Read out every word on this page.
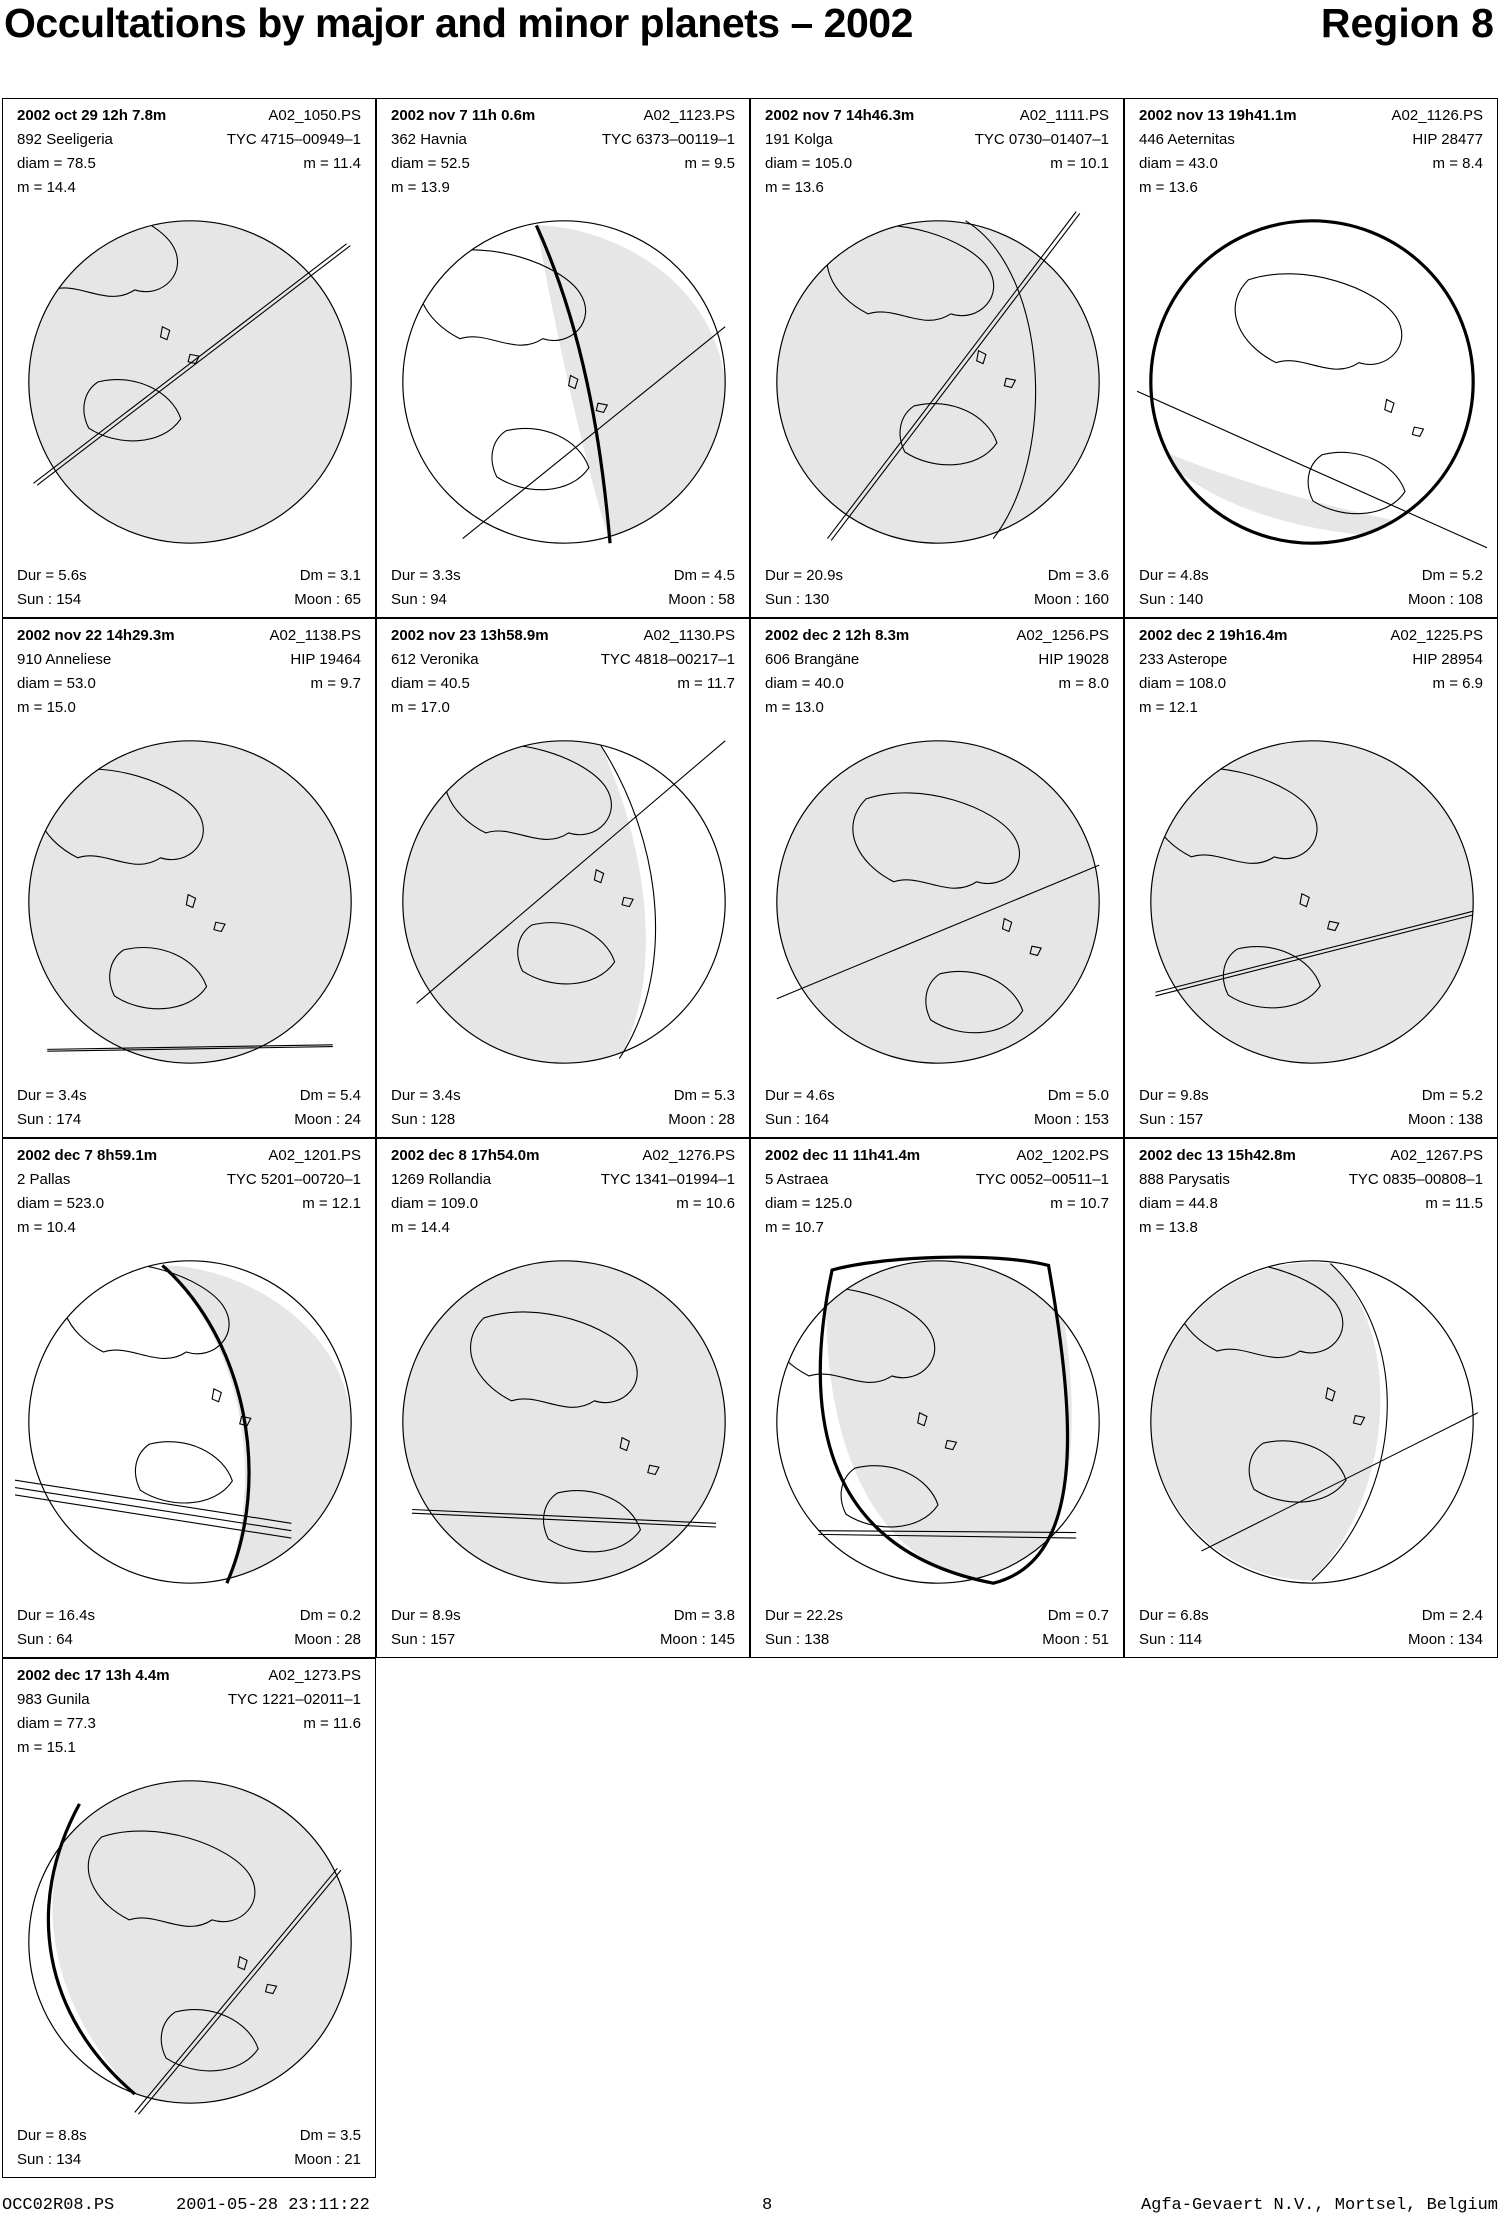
Occultations by major and minor planets – 2002	Region 8
2002 oct 29 12h 7.8m	A02_1050.PS
892 Seeligeria	TYC 4715–00949–1
diam = 78.5	m = 11.4
m = 14.4
Dur = 5.6s	Dm = 3.1
Sun : 154	Moon : 65
2002 nov 7 11h 0.6m	A02_1123.PS
362 Havnia	TYC 6373–00119–1
diam = 52.5	m = 9.5
m = 13.9
Dur = 3.3s	Dm = 4.5
Sun : 94	Moon : 58
2002 nov 7 14h46.3m	A02_1111.PS
191 Kolga	TYC 0730–01407–1
diam = 105.0	m = 10.1
m = 13.6
Dur = 20.9s	Dm = 3.6
Sun : 130	Moon : 160
2002 nov 13 19h41.1m	A02_1126.PS
446 Aeternitas	HIP 28477
diam = 43.0	m = 8.4
m = 13.6
Dur = 4.8s	Dm = 5.2
Sun : 140	Moon : 108
2002 nov 22 14h29.3m	A02_1138.PS
910 Anneliese	HIP 19464
diam = 53.0	m = 9.7
m = 15.0
Dur = 3.4s	Dm = 5.4
Sun : 174	Moon : 24
2002 nov 23 13h58.9m	A02_1130.PS
612 Veronika	TYC 4818–00217–1
diam = 40.5	m = 11.7
m = 17.0
Dur = 3.4s	Dm = 5.3
Sun : 128	Moon : 28
2002 dec 2 12h 8.3m	A02_1256.PS
606 Brangäne	HIP 19028
diam = 40.0	m = 8.0
m = 13.0
Dur = 4.6s	Dm = 5.0
Sun : 164	Moon : 153
2002 dec 2 19h16.4m	A02_1225.PS
233 Asterope	HIP 28954
diam = 108.0	m = 6.9
m = 12.1
Dur = 9.8s	Dm = 5.2
Sun : 157	Moon : 138
2002 dec 7 8h59.1m	A02_1201.PS
2 Pallas	TYC 5201–00720–1
diam = 523.0	m = 12.1
m = 10.4
Dur = 16.4s	Dm = 0.2
Sun : 64	Moon : 28
2002 dec 8 17h54.0m	A02_1276.PS
1269 Rollandia	TYC 1341–01994–1
diam = 109.0	m = 10.6
m = 14.4
Dur = 8.9s	Dm = 3.8
Sun : 157	Moon : 145
2002 dec 11 11h41.4m	A02_1202.PS
5 Astraea	TYC 0052–00511–1
diam = 125.0	m = 10.7
m = 10.7
Dur = 22.2s	Dm = 0.7
Sun : 138	Moon : 51
2002 dec 13 15h42.8m	A02_1267.PS
888 Parysatis	TYC 0835–00808–1
diam = 44.8	m = 11.5
m = 13.8
Dur = 6.8s	Dm = 2.4
Sun : 114	Moon : 134
2002 dec 17 13h 4.4m	A02_1273.PS
983 Gunila	TYC 1221–02011–1
diam = 77.3	m = 11.6
m = 15.1
Dur = 8.8s	Dm = 3.5
Sun : 134	Moon : 21
OCC02R08.PS	2001-05-28 23:11:22	8	Agfa-Gevaert N.V., Mortsel, Belgium
